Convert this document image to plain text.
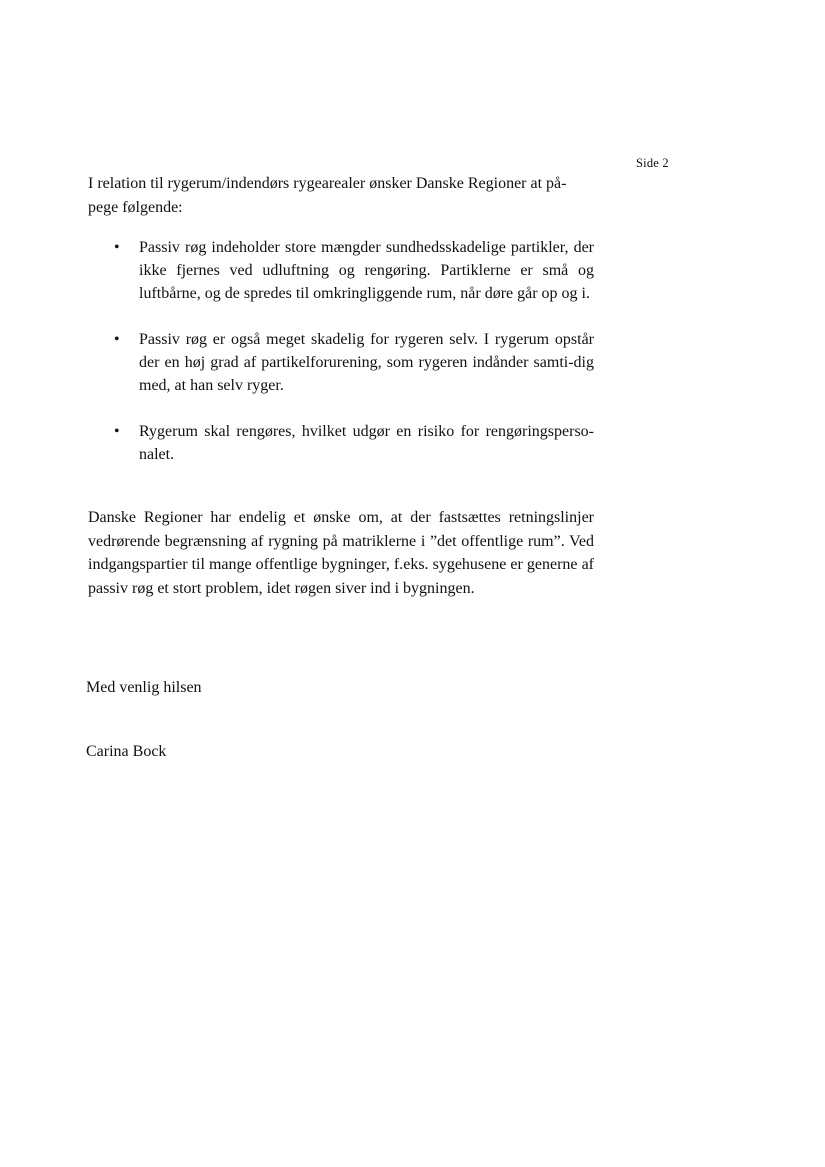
Side 2
I relation til rygerum/indendørs rygearealer ønsker Danske Regioner at på-pege følgende:
• Passiv røg indeholder store mængder sundhedsskadelige partikler, der ikke fjernes ved udluftning og rengøring. Partiklerne er små og luftbårne, og de spredes til omkringliggende rum, når døre går op og i.
• Passiv røg er også meget skadelig for rygeren selv. I rygerum opstår der en høj grad af partikelforurening, som rygeren indånder samti-dig med, at han selv ryger.
• Rygerum skal rengøres, hvilket udgør en risiko for rengøringsperso-nalet.
Danske Regioner har endelig et ønske om, at der fastsættes retningslinjer vedrørende begrænsning af rygning på matriklerne i ”det offentlige rum”. Ved indgangspartier til mange offentlige bygninger, f.eks. sygehusene er generne af passiv røg et stort problem, idet røgen siver ind i bygningen.
Med venlig hilsen
Carina Bock
